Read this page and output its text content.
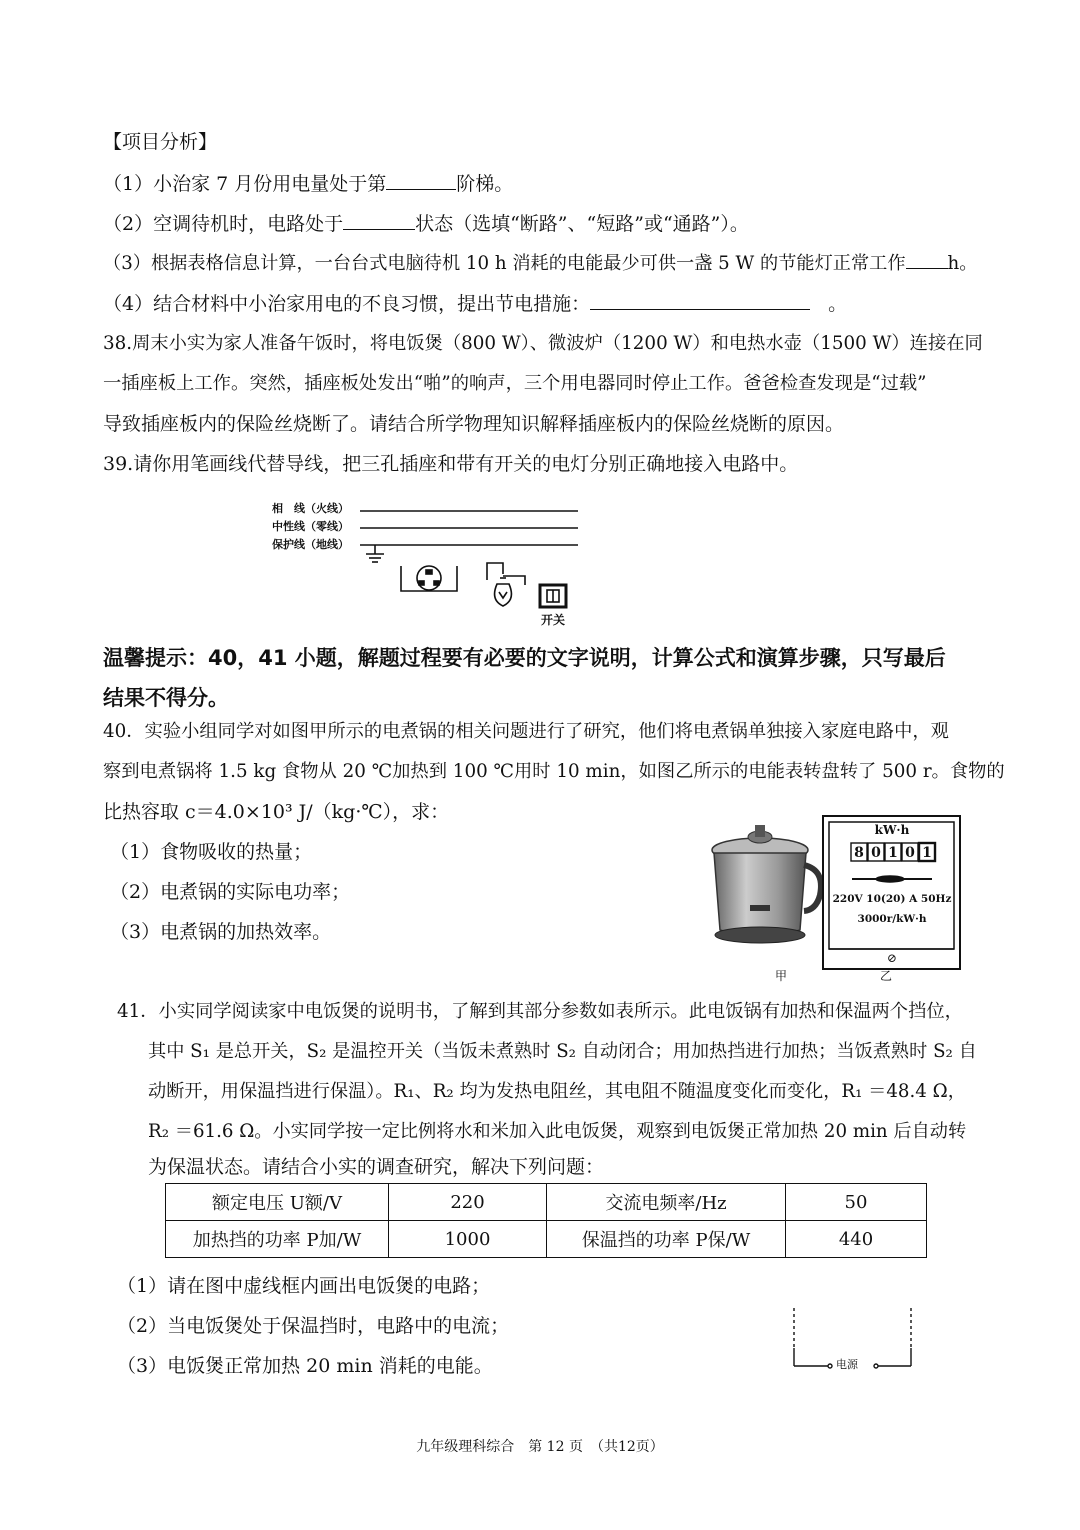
【项目分析】
（1）小治家 7 月份用电量处于第	阶梯。
（2）空调待机时，电路处于	状态（选填“断路”、“短路”或“通路”）。
（3）根据表格信息计算，一台台式电脑待机 10 h 消耗的电能最少可供一盏 5 W 的节能灯正常工作 h。
（4）结合材料中小治家用电的不良习惯，提出节电措施：	。
38.周末小实为家人准备午饭时，将电饭煲（800 W）、微波炉（1200 W）和电热水壶（1500 W）连接在同
一插座板上工作。突然，插座板处发出“啪”的响声，三个用电器同时停止工作。爸爸检查发现是“过载”
导致插座板内的保险丝烧断了。请结合所学物理知识解释插座板内的保险丝烧断的原因。
39.请你用笔画线代替导线，把三孔插座和带有开关的电灯分别正确地接入电路中。
相　线（火线）
中性线（零线）
保护线（地线）
开关
温馨提示：40，41 小题，解题过程要有必要的文字说明，计算公式和演算步骤，只写最后
结果不得分。
40．实验小组同学对如图甲所示的电煮锅的相关问题进行了研究，他们将电煮锅单独接入家庭电路中，观
察到电煮锅将 1.5 kg 食物从 20 ℃加热到 100 ℃用时 10 min，如图乙所示的电能表转盘转了 500 r。食物的
比热容取 c＝4.0×10³ J/（kg·℃），求：
（1）食物吸收的热量；
（2）电煮锅的实际电功率；
（3）电煮锅的加热效率。
甲
kW·h
8 0 1 0 1
220V 10(20) A 50Hz
3000r/kW·h
⊘
乙
41．小实同学阅读家中电饭煲的说明书，了解到其部分参数如表所示。此电饭锅有加热和保温两个挡位，
其中 S₁ 是总开关，S₂ 是温控开关（当饭未煮熟时 S₂ 自动闭合；用加热挡进行加热；当饭煮熟时 S₂ 自
动断开，用保温挡进行保温）。R₁、R₂ 均为发热电阻丝，其电阻不随温度变化而变化，R₁ ＝48.4 Ω，
R₂ ＝61.6 Ω。小实同学按一定比例将水和米加入此电饭煲，观察到电饭煲正常加热 20 min 后自动转
为保温状态。请结合小实的调查研究，解决下列问题：
额定电压 U额/V	220	交流电频率/Hz	50
加热挡的功率 P加/W	1000	保温挡的功率 P保/W	440
（1）请在图中虚线框内画出电饭煲的电路；
（2）当电饭煲处于保温挡时，电路中的电流；
（3）电饭煲正常加热 20 min 消耗的电能。	电源
九年级理科综合　第 12 页　（共12页）
